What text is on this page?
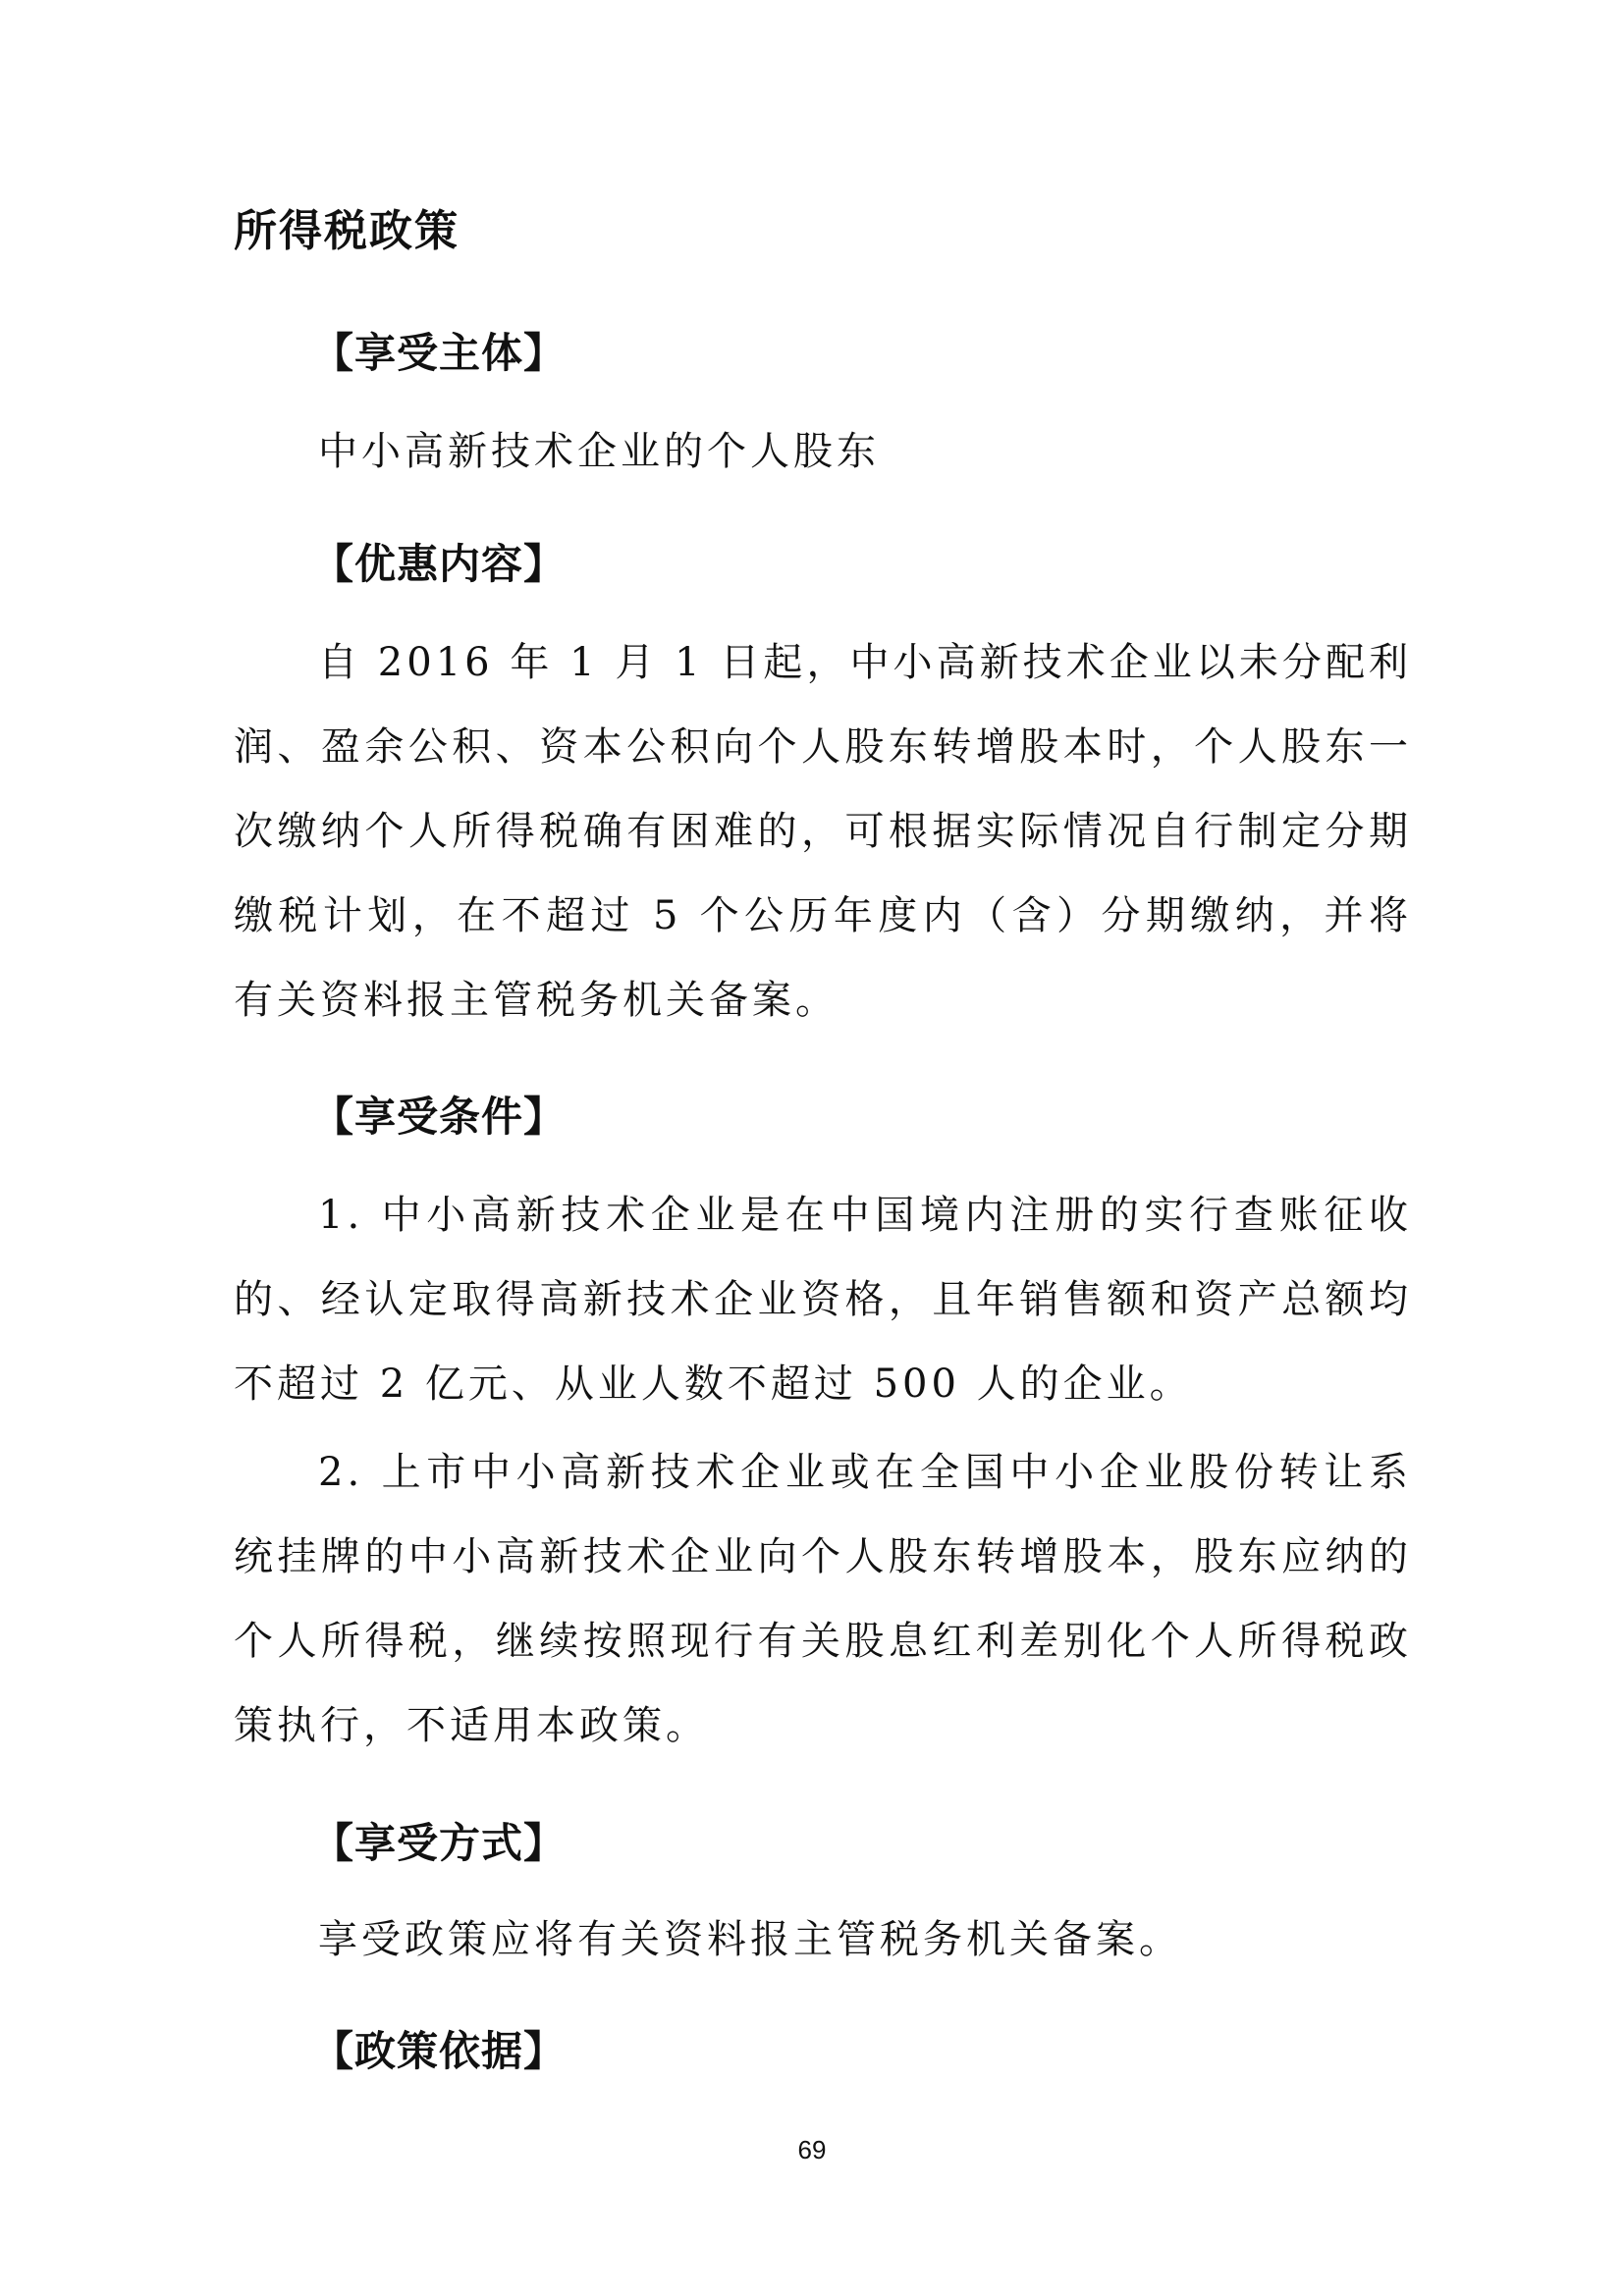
所得税政策
【享受主体】

中小高新技术企业的个人股东

【优惠内容】

自 2016 年 1 月 1 日起，中小高新技术企业以未分配利润、盈余公积、资本公积向个人股东转增股本时，个人股东一次缴纳个人所得税确有困难的，可根据实际情况自行制定分期缴税计划，在不超过 5 个公历年度内（含）分期缴纳，并将有关资料报主管税务机关备案。

【享受条件】

1. 中小高新技术企业是在中国境内注册的实行查账征收的、经认定取得高新技术企业资格，且年销售额和资产总额均不超过 2 亿元、从业人数不超过 500 人的企业。

2. 上市中小高新技术企业或在全国中小企业股份转让系统挂牌的中小高新技术企业向个人股东转增股本，股东应纳的个人所得税，继续按照现行有关股息红利差别化个人所得税政策执行，不适用本政策。

【享受方式】

享受政策应将有关资料报主管税务机关备案。

【政策依据】
69
